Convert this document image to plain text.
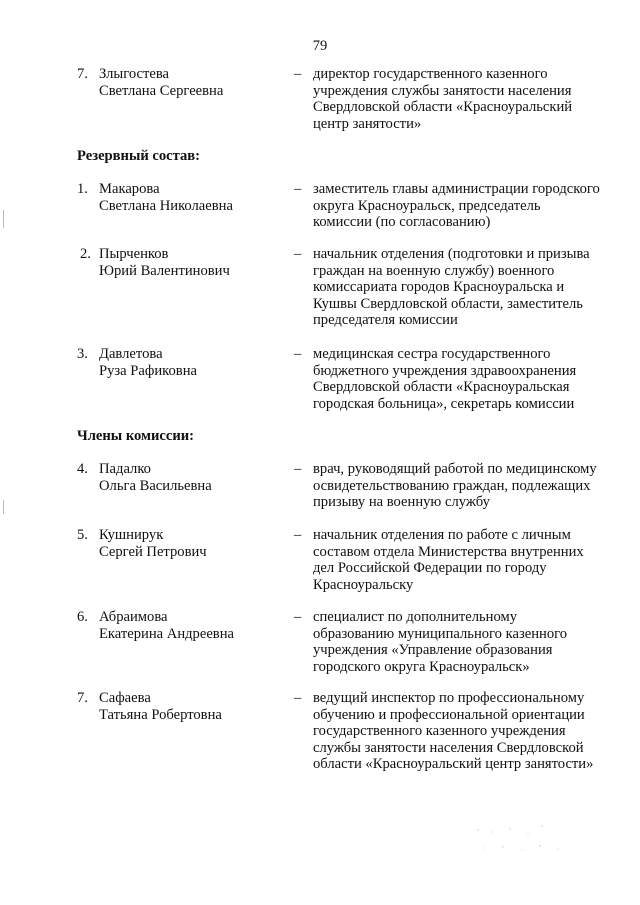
79
7. Злыгостева
Светлана Сергеевна
– директор государственного казенного
учреждения службы занятости населения
Свердловской области «Красноуральский
центр занятости»
Резервный состав:
1. Макарова
Светлана Николаевна
– заместитель главы администрации городского
округа Красноуральск, председатель
комиссии (по согласованию)
2. Пырченков
Юрий Валентинович
– начальник отделения (подготовки и призыва
граждан на военную службу) военного
комиссариата городов Красноуральска и
Кушвы Свердловской области, заместитель
председателя комиссии
3. Давлетова
Руза Рафиковна
– медицинская сестра государственного
бюджетного учреждения здравоохранения
Свердловской области «Красноуральская
городская больница», секретарь комиссии
Члены комиссии:
4. Падалко
Ольга Васильевна
– врач, руководящий работой по медицинскому
освидетельствованию граждан, подлежащих
призыву на военную службу
5. Кушнирук
Сергей Петрович
– начальник отделения по работе с личным
составом отдела Министерства внутренних
дел Российской Федерации по городу
Красноуральску
6. Абраимова
Екатерина Андреевна
– специалист по дополнительному
образованию муниципального казенного
учреждения «Управление образования
городского округа Красноуральск»
7. Сафаева
Татьяна Робертовна
– ведущий инспектор по профессиональному
обучению и профессиональной ориентации
государственного казенного учреждения
службы занятости населения Свердловской
области «Красноуральский центр занятости»
